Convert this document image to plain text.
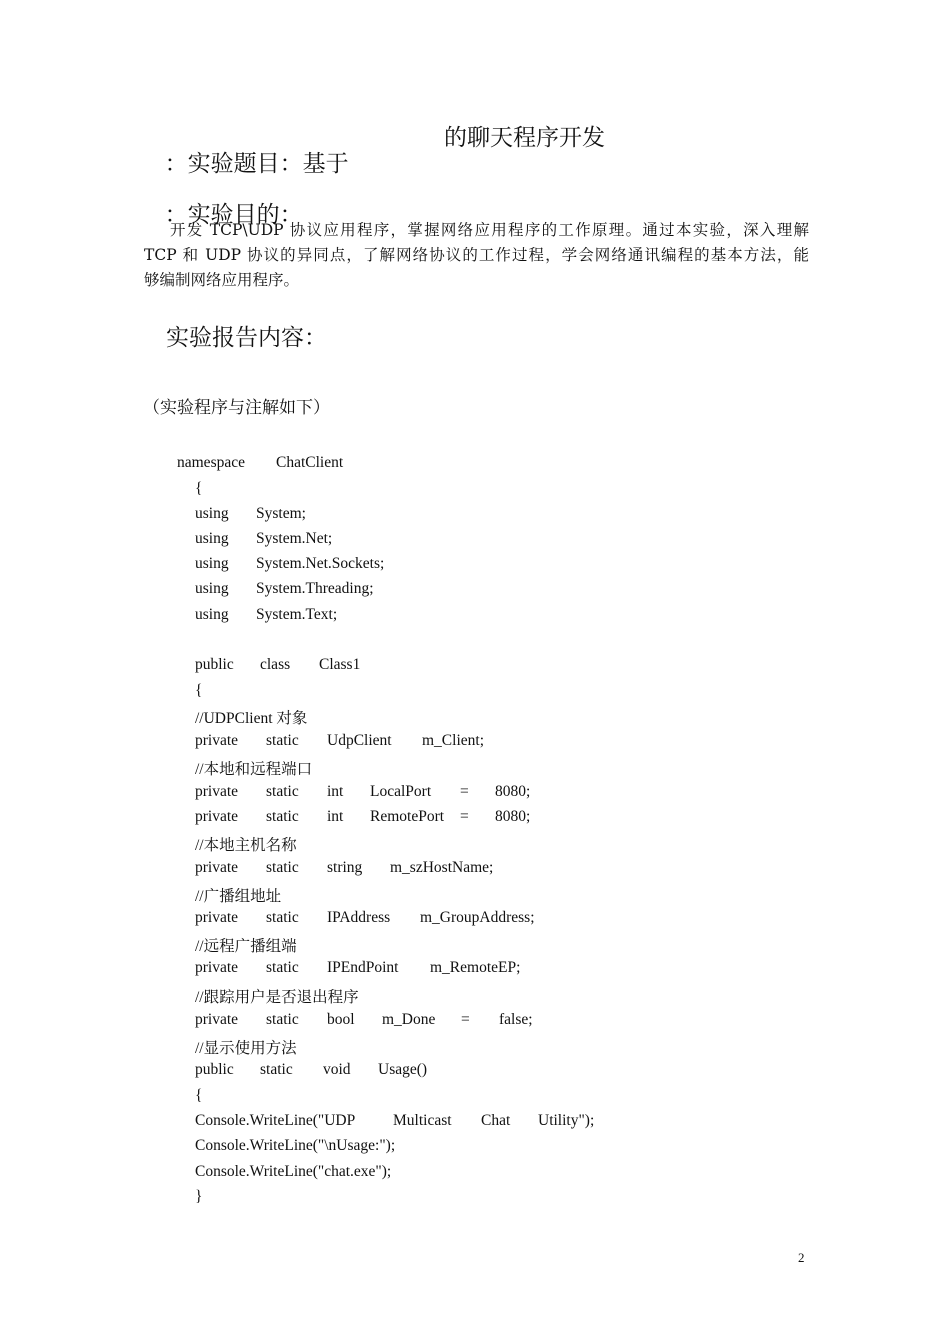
：实验题目：基于

的聊天程序开发

：实验目的：

开发 TCP\UDP 协议应用程序，掌握网络应用程序的工作原理。通过本实验，深入理解
TCP 和 UDP 协议的异同点，了解网络协议的工作过程，学会网络通讯编程的基本方法，能
够编制网络应用程序。
实验报告内容：
（实验程序与注解如下）
namespace ChatClient
{
using System;
using System.Net;
using System.Net.Sockets;
using System.Threading;
using System.Text;
public class Class1
{
//UDPClient 对象
private static UdpClient m_Client;
//本地和远程端口
private static int LocalPort = 8080;
private static int RemotePort = 8080;
//本地主机名称
private static string m_szHostName;
//广播组地址
private static IPAddress m_GroupAddress;
//远程广播组端
private static IPEndPoint m_RemoteEP;
//跟踪用户是否退出程序
private static bool m_Done = false;
//显示使用方法
public static void Usage()
{
Console.WriteLine("UDP Multicast Chat Utility");
Console.WriteLine("\nUsage:");
Console.WriteLine("chat.exe");
}
2
